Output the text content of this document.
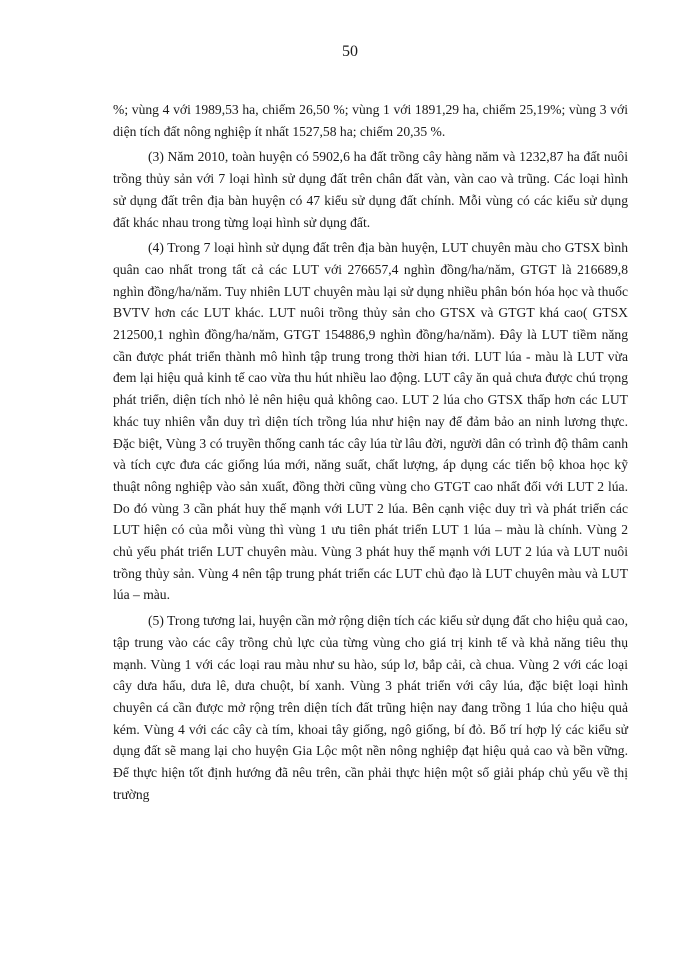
50

%; vùng 4 với 1989,53 ha, chiếm 26,50 %; vùng 1 với 1891,29 ha, chiếm 25,19%; vùng 3 với diện tích đất nông nghiệp ít nhất 1527,58 ha; chiếm 20,35 %.

(3) Năm 2010, toàn huyện có 5902,6 ha đất trồng cây hàng năm và 1232,87 ha đất nuôi trồng thủy sản với 7 loại hình sử dụng đất trên chân đất vàn, vàn cao và trũng. Các loại hình sử dụng đất trên địa bàn huyện có 47 kiểu sử dụng đất chính. Mỗi vùng có các kiểu sử dụng đất khác nhau trong từng loại hình sử dụng đất.

(4) Trong 7 loại hình sử dụng đất trên địa bàn huyện, LUT chuyên màu cho GTSX bình quân cao nhất trong tất cả các LUT với 276657,4 nghìn đồng/ha/năm, GTGT là 216689,8 nghìn đồng/ha/năm. Tuy nhiên LUT chuyên màu lại sử dụng nhiều phân bón hóa học và thuốc BVTV hơn các LUT khác. LUT nuôi trồng thủy sản cho GTSX và GTGT khá cao( GTSX 212500,1 nghìn đồng/ha/năm, GTGT 154886,9 nghìn đồng/ha/năm). Đây là LUT tiềm năng cần được phát triển thành mô hình tập trung trong thời hian tới. LUT lúa - màu là LUT vừa đem lại hiệu quả kinh tế cao vừa thu hút nhiều lao động. LUT cây ăn quả chưa được chú trọng phát triển, diện tích nhỏ lẻ nên hiệu quả không cao. LUT 2 lúa cho GTSX thấp hơn các LUT khác tuy nhiên vẫn duy trì diện tích trồng lúa như hiện nay để đảm bảo an ninh lương thực. Đặc biệt, Vùng 3 có truyền thống canh tác cây lúa từ lâu đời, người dân có trình độ thâm canh và tích cực đưa các giống lúa mới, năng suất, chất lượng, áp dụng các tiến bộ khoa học kỹ thuật nông nghiệp vào sản xuất, đồng thời cũng vùng cho GTGT cao nhất đối với LUT 2 lúa. Do đó vùng 3 cần phát huy thế mạnh với LUT 2 lúa. Bên cạnh việc duy trì và phát triển các LUT hiện có của mỗi vùng thì vùng 1 ưu tiên phát triển LUT 1 lúa – màu là chính. Vùng 2 chủ yếu phát triển LUT chuyên màu. Vùng 3 phát huy thế mạnh với LUT 2 lúa và LUT nuôi trồng thủy sản. Vùng 4 nên tập trung phát triển các LUT chủ đạo là LUT chuyên màu và LUT lúa – màu.

(5) Trong tương lai, huyện cần mở rộng diện tích các kiểu sử dụng đất cho hiệu quả cao, tập trung vào các cây trồng chủ lực của từng vùng cho giá trị kinh tế và khả năng tiêu thụ mạnh. Vùng 1 với các loại rau màu như su hào, súp lơ, bắp cải, cà chua. Vùng 2 với các loại cây dưa hấu, dưa lê, dưa chuột, bí xanh. Vùng 3 phát triển với cây lúa, đặc biệt loại hình chuyên cá cần được mở rộng trên diện tích đất trũng hiện nay đang trồng 1 lúa cho hiệu quả kém. Vùng 4 với các cây cà tím, khoai tây giống, ngô giống, bí đỏ. Bố trí hợp lý các kiểu sử dụng đất sẽ mang lại cho huyện Gia Lộc một nền nông nghiệp đạt hiệu quả cao và bền vững. Để thực hiện tốt định hướng đã nêu trên, cần phải thực hiện một số giải pháp chủ yếu về thị trường
